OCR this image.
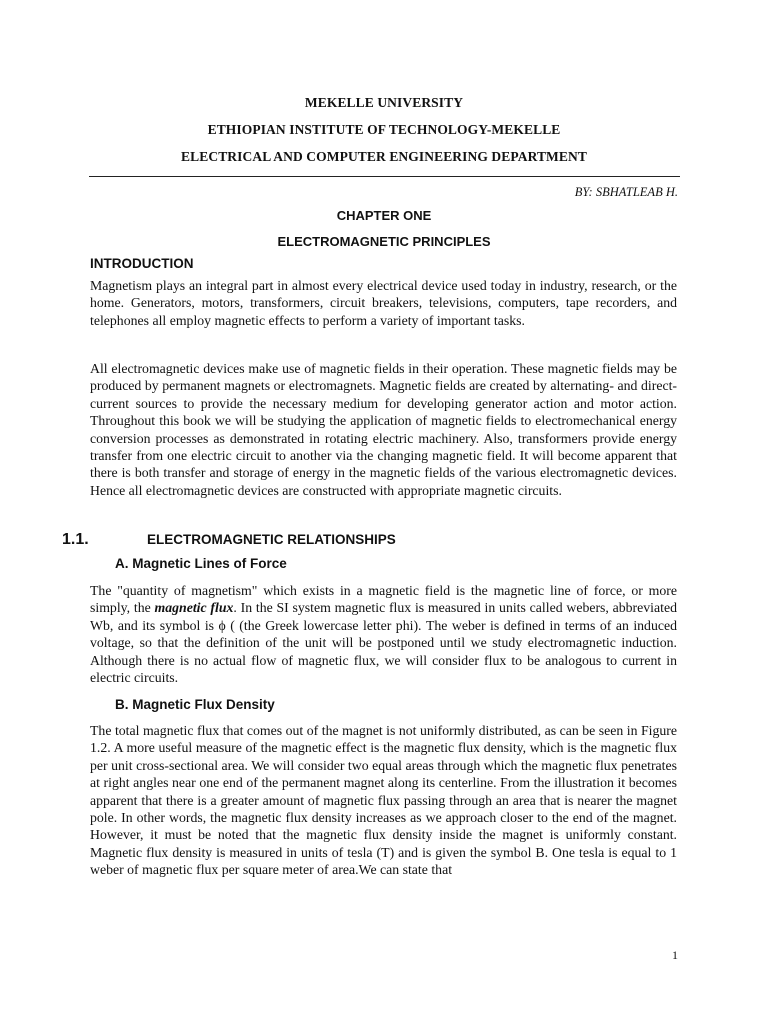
MEKELLE UNIVERSITY
ETHIOPIAN INSTITUTE OF TECHNOLOGY-MEKELLE
ELECTRICAL AND COMPUTER ENGINEERING DEPARTMENT
BY: SBHATLEAB H.
CHAPTER ONE
ELECTROMAGNETIC PRINCIPLES
INTRODUCTION

Magnetism plays an integral part in almost every electrical device used today in industry, research, or the home. Generators, motors, transformers, circuit breakers, televisions, computers, tape recorders, and telephones all employ magnetic effects to perform a variety of important tasks.

All electromagnetic devices make use of magnetic fields in their operation. These magnetic fields may be produced by permanent magnets or electromagnets. Magnetic fields are created by alternating- and direct-current sources to provide the necessary medium for developing generator action and motor action. Throughout this book we will be studying the application of magnetic fields to electromechanical energy conversion processes as demonstrated in rotating electric machinery. Also, transformers provide energy transfer from one electric circuit to another via the changing magnetic field. It will become apparent that there is both transfer and storage of energy in the magnetic fields of the various electromagnetic devices. Hence all electromagnetic devices are constructed with appropriate magnetic circuits.

1.1.	ELECTROMAGNETIC RELATIONSHIPS
A. Magnetic Lines of Force

The "quantity of magnetism" which exists in a magnetic field is the magnetic line of force, or more simply, the magnetic flux. In the SI system magnetic flux is measured in units called webers, abbreviated Wb, and its symbol is ϕ ( (the Greek lowercase letter phi). The weber is defined in terms of an induced voltage, so that the definition of the unit will be postponed until we study electromagnetic induction. Although there is no actual flow of magnetic flux, we will consider flux to be analogous to current in electric circuits.

B. Magnetic Flux Density

The total magnetic flux that comes out of the magnet is not uniformly distributed, as can be seen in Figure 1.2. A more useful measure of the magnetic effect is the magnetic flux density, which is the magnetic flux per unit cross-sectional area. We will consider two equal areas through which the magnetic flux penetrates at right angles near one end of the permanent magnet along its centerline. From the illustration it becomes apparent that there is a greater amount of magnetic flux passing through an area that is nearer the magnet pole. In other words, the magnetic flux density increases as we approach closer to the end of the magnet. However, it must be noted that the magnetic flux density inside the magnet is uniformly constant. Magnetic flux density is measured in units of tesla (T) and is given the symbol B. One tesla is equal to 1 weber of magnetic flux per square meter of area.We can state that

1
